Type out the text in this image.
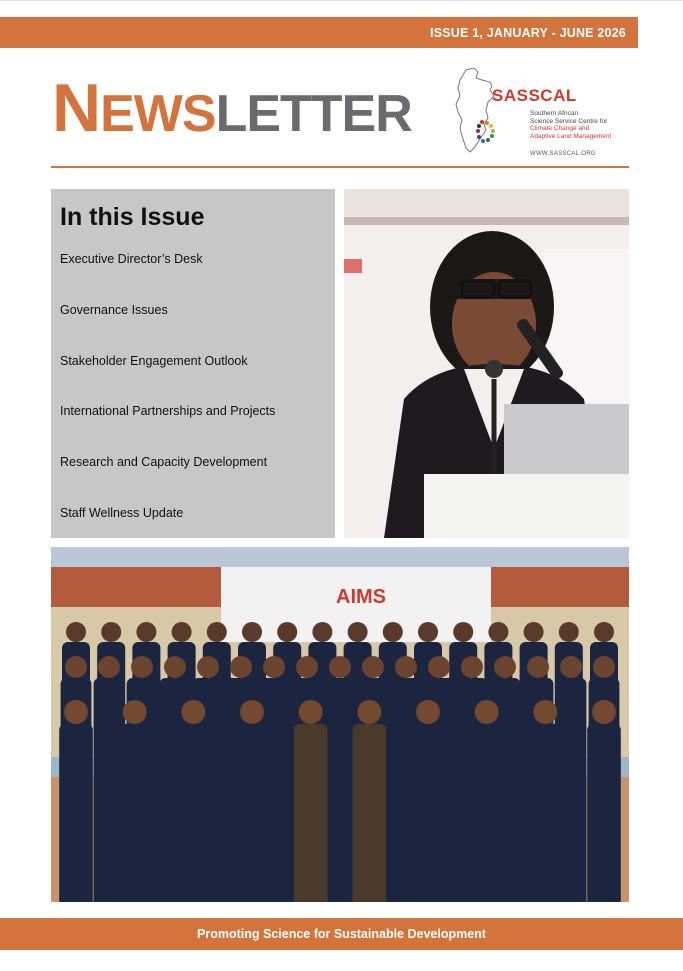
ISSUE 1, JANUARY - JUNE 2026
NEWSLETTER	SASSCAL
Southern African
Science Service Centre for
Climate Change and
Adaptive Land Management
WWW.SASSCAL.ORG
In this Issue
Executive Director’s Desk
Governance Issues
Stakeholder Engagement Outlook
International Partnerships and Projects
Research and Capacity Development
Staff Wellness Update
AIMS
Promoting Science for Sustainable Development
